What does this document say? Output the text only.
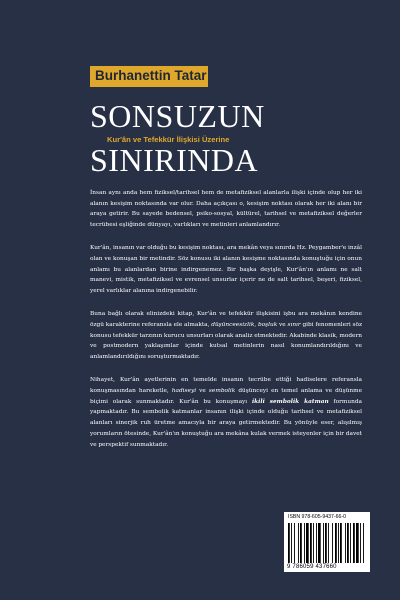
Burhanettin Tatar
SONSUZUN
Kur'ân ve Tefekkür İlişkisi Üzerine
SINIRINDA

İnsan aynı anda hem fiziksel/tarihsel hem de metafiziksel alanlarla ilişki içinde olup her iki alanın kesişim noktasında var olur. Daha açıkçası o, kesişim noktası olarak her iki alanı bir araya getirir. Bu sayede bedensel, psiko-sosyal, kültürel, tarihsel ve metafiziksel değerler tecrübesi eşliğinde dünyayı, varlıkları ve metinleri anlamlandırır.

Kur'ân, insanın var olduğu bu kesişim noktası, ara mekân veya sınırda Hz. Peygamber'e inzâl olan ve konuşan bir metindir. Söz konusu iki alanın kesişme noktasında konuştuğu için onun anlamı bu alanlardan birine indirgenemez. Bir başka deyişle, Kur'ân'ın anlamı ne salt manevi, mistik, metafiziksel ve evrensel unsurlar içerir ne de salt tarihsel, beşeri, fiziksel, yerel varlıklar alanına indirgenebilir.

Buna bağlı olarak elinizdeki kitap, Kur'ân ve tefekkür ilişkisini işbu ara mekânın kendine özgü karakterine referansla ele almakta, düşünceesizlik, boşluk ve sınır gibi fenomenleri söz konusu tefekkür tarzının kurucu unsurları olarak analiz etmektedir. Akabinde klasik, modern ve postmodern yaklaşımlar içinde kutsal metinlerin nasıl konumlandırıldığını ve anlamlandırıldığını soruşturmaktadır.

Nihayet, Kur'ân ayetlerinin en temelde insanın tecrübe ettiği hadiselere referansla konuşmasından hareketle, hadiseyi ve sembolik düşünceyi en temel anlama ve düşünme biçimi olarak sunmaktadır. Kur'ân bu konuşmayı ikili sembolik katman formunda yapmaktadır. Bu sembolik katmanlar insanın ilişki içinde olduğu tarihsel ve metafiziksel alanları sinerjik ruh üretme amacıyla bir araya getirmektedir. Bu yönüyle eser, alışılmış yorumların ötesinde, Kur'ân'ın konuştuğu ara mekâna kulak vermek isteyenler için bir davet ve perspektif sunmaktadır.

ISBN 978-605-9437-66-0
9 786059 437660
